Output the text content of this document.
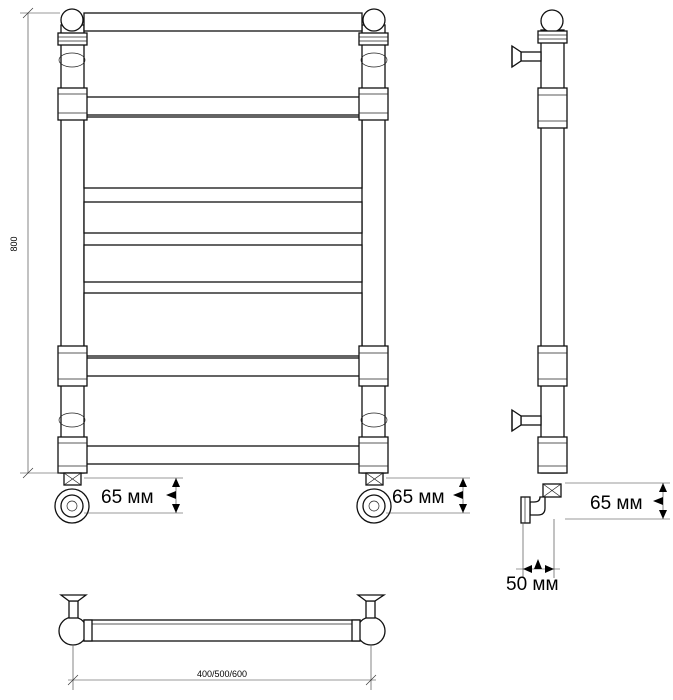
800
65 мм	65 мм	65 мм
50 мм
400/500/600
